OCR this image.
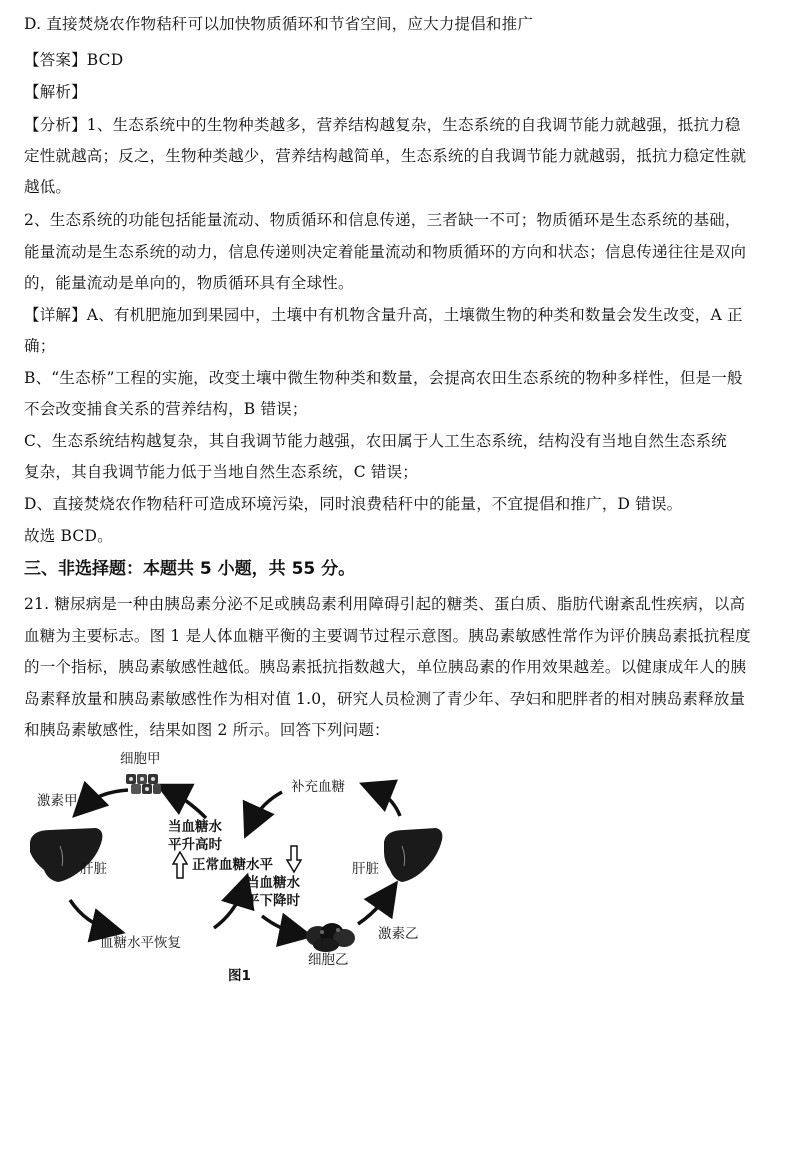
D. 直接焚烧农作物秸秆可以加快物质循环和节省空间，应大力提倡和推广
【答案】BCD
【解析】
【分析】1、生态系统中的生物种类越多，营养结构越复杂，生态系统的自我调节能力就越强，抵抗力稳
定性就越高；反之，生物种类越少，营养结构越简单，生态系统的自我调节能力就越弱，抵抗力稳定性就
越低。
2、生态系统的功能包括能量流动、物质循环和信息传递，三者缺一不可；物质循环是生态系统的基础，
能量流动是生态系统的动力，信息传递则决定着能量流动和物质循环的方向和状态；信息传递往往是双向
的，能量流动是单向的，物质循环具有全球性。
【详解】A、有机肥施加到果园中，土壤中有机物含量升高，土壤微生物的种类和数量会发生改变，A 正
确；
B、“生态桥”工程的实施，改变土壤中微生物种类和数量，会提高农田生态系统的物种多样性，但是一般
不会改变捕食关系的营养结构，B 错误；
C、生态系统结构越复杂，其自我调节能力越强，农田属于人工生态系统，结构没有当地自然生态系统
复杂，其自我调节能力低于当地自然生态系统，C 错误；
D、直接焚烧农作物秸秆可造成环境污染，同时浪费秸秆中的能量，不宜提倡和推广，D 错误。
故选 BCD。
三、非选择题：本题共 5 小题，共 55 分。
21. 糖尿病是一种由胰岛素分泌不足或胰岛素利用障碍引起的糖类、蛋白质、脂肪代谢紊乱性疾病，以高
血糖为主要标志。图 1 是人体血糖平衡的主要调节过程示意图。胰岛素敏感性常作为评价胰岛素抵抗程度
的一个指标，胰岛素敏感性越低。胰岛素抵抗指数越大，单位胰岛素的作用效果越差。以健康成年人的胰
岛素释放量和胰岛素敏感性作为相对值 1.0，研究人员检测了青少年、孕妇和肥胖者的相对胰岛素释放量
和胰岛素敏感性，结果如图 2 所示。回答下列问题：
细胞甲
激素甲
肝脏
当血糖水
平升高时
正常血糖水平
当血糖水
平下降时
血糖水平恢复
补充血糖
肝脏
激素乙
细胞乙
图1
